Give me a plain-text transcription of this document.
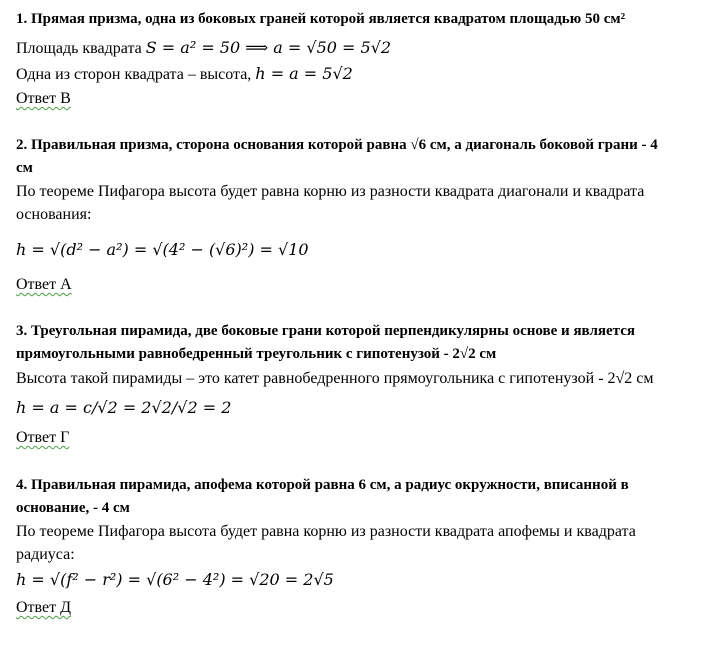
1. Прямая призма, одна из боковых граней которой является квадратом площадью 50 см²
Площадь квадрата S = a² = 50 ⟹ a = √50 = 5√2
Одна из сторон квадрата – высота, h = a = 5√2
Ответ В
2. Правильная призма, сторона основания которой равна √6 см, а диагональ боковой грани - 4
см
По теореме Пифагора высота будет равна корню из разности квадрата диагонали и квадрата
основания:
h = √(d² − a²) = √(4² − (√6)²) = √10
Ответ А
3. Треугольная пирамида, две боковые грани которой перпендикулярны основе и является
прямоугольными равнобедренный треугольник с гипотенузой - 2√2 см
Высота такой пирамиды – это катет равнобедренного прямоугольника с гипотенузой - 2√2 см
h = a = c/√2 = 2√2/√2 = 2
Ответ Г
4. Правильная пирамида, апофема которой равна 6 см, а радиус окружности, вписанной в
основание, - 4 см
По теореме Пифагора высота будет равна корню из разности квадрата апофемы и квадрата
радиуса:
h = √(f² − r²) = √(6² − 4²) = √20 = 2√5
Ответ Д
